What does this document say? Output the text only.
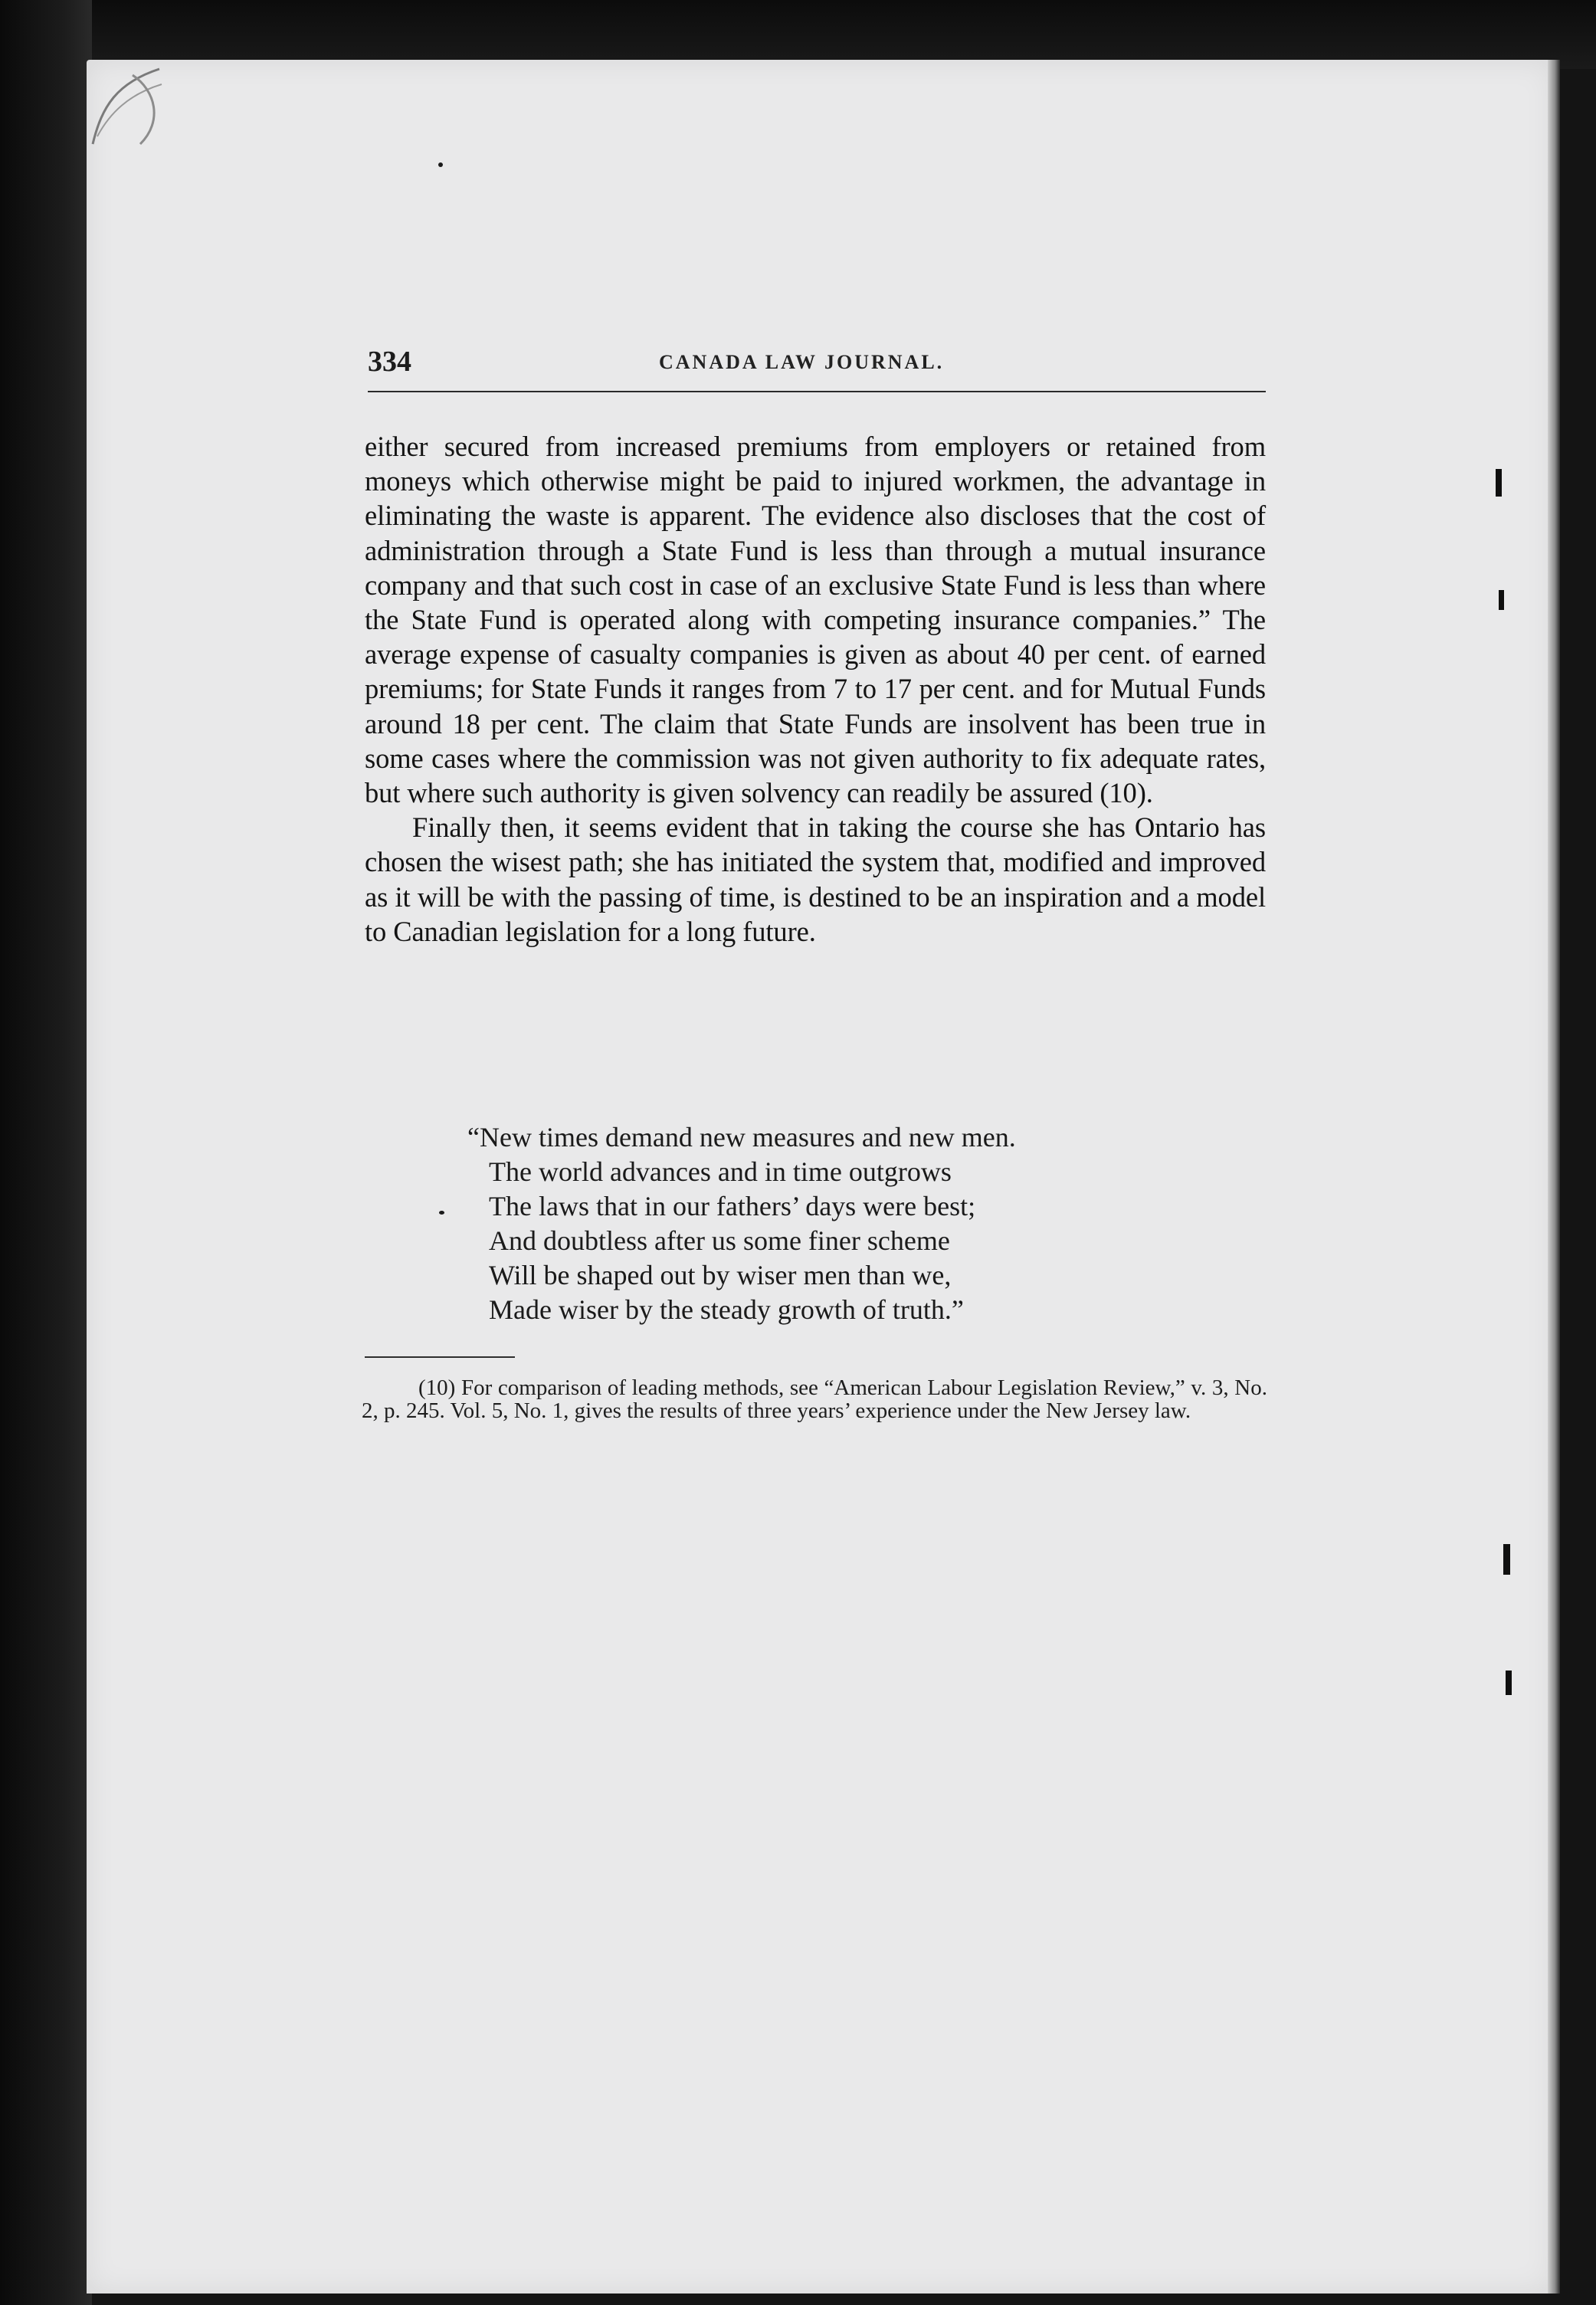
334	CANADA LAW JOURNAL.

either secured from increased premiums from employers or retained from moneys which otherwise might be paid to injured workmen, the advantage in eliminating the waste is apparent. The evidence also discloses that the cost of administration through a State Fund is less than through a mutual insurance company and that such cost in case of an exclusive State Fund is less than where the State Fund is operated along with competing insurance companies.” The average expense of casualty companies is given as about 40 per cent. of earned premiums; for State Funds it ranges from 7 to 17 per cent. and for Mutual Funds around 18 per cent. The claim that State Funds are insolvent has been true in some cases where the commission was not given authority to fix adequate rates, but where such authority is given solvency can readily be assured (10).

Finally then, it seems evident that in taking the course she has Ontario has chosen the wisest path; she has initiated the system that, modified and improved as it will be with the passing of time, is destined to be an inspiration and a model to Canadian legislation for a long future.

“New times demand new measures and new men.
The world advances and in time outgrows
The laws that in our fathers’ days were best;
And doubtless after us some finer scheme
Will be shaped out by wiser men than we,
Made wiser by the steady growth of truth.”
(10) For comparison of leading methods, see “American Labour Legislation Review,” v. 3, No. 2, p. 245. Vol. 5, No. 1, gives the results of three years’ experience under the New Jersey law.
